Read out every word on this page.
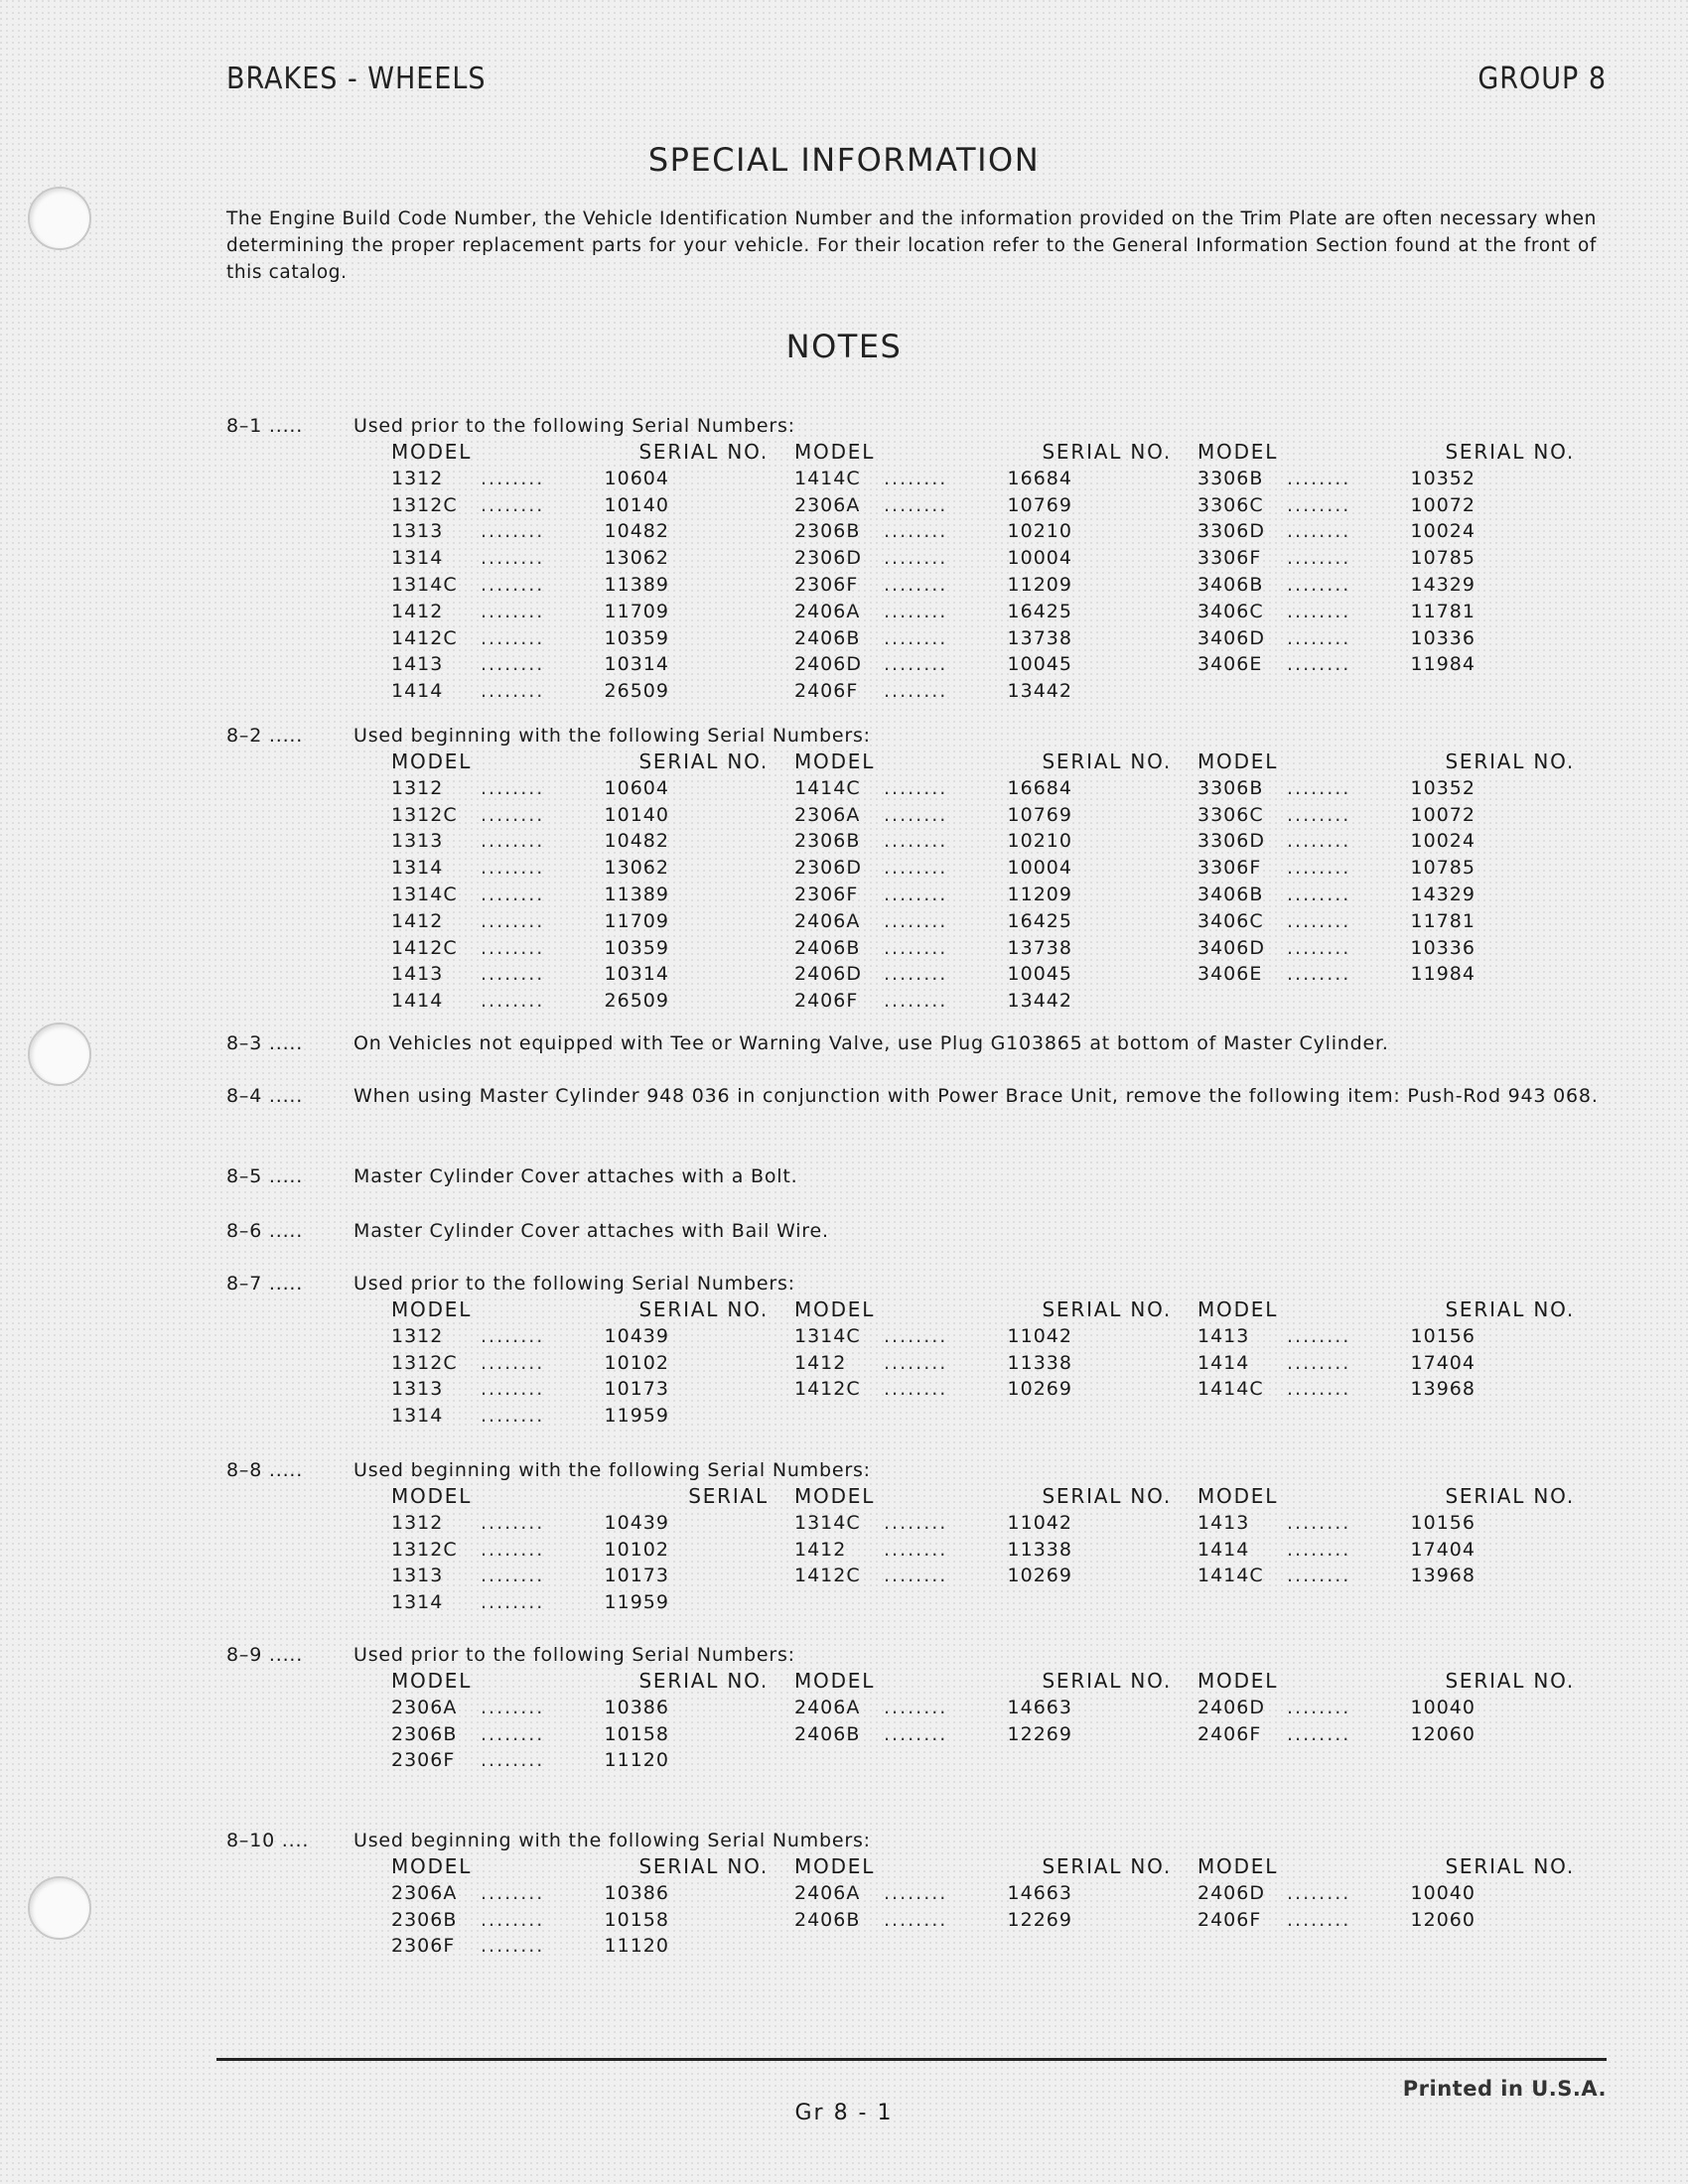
BRAKES - WHEELS	GROUP 8
SPECIAL INFORMATION
The Engine Build Code Number, the Vehicle Identification Number and the information provided on the Trim Plate are often necessary when determining the proper replacement parts for your vehicle. For their location refer to the General Information Section found at the front of this catalog.
NOTES
8–1 .....	Used prior to the following Serial Numbers:
MODEL	SERIAL NO.
1312	........	10604
1312C	........	10140
1313	........	10482
1314	........	13062
1314C	........	11389
1412	........	11709
1412C	........	10359
1413	........	10314
1414	........	26509
MODEL	SERIAL NO.
1414C	........	16684
2306A	........	10769
2306B	........	10210
2306D	........	10004
2306F	........	11209
2406A	........	16425
2406B	........	13738
2406D	........	10045
2406F	........	13442
MODEL	SERIAL NO.
3306B	........	10352
3306C	........	10072
3306D	........	10024
3306F	........	10785
3406B	........	14329
3406C	........	11781
3406D	........	10336
3406E	........	11984
8–2 .....	Used beginning with the following Serial Numbers:
MODEL	SERIAL NO.
1312	........	10604
1312C	........	10140
1313	........	10482
1314	........	13062
1314C	........	11389
1412	........	11709
1412C	........	10359
1413	........	10314
1414	........	26509
MODEL	SERIAL NO.
1414C	........	16684
2306A	........	10769
2306B	........	10210
2306D	........	10004
2306F	........	11209
2406A	........	16425
2406B	........	13738
2406D	........	10045
2406F	........	13442
MODEL	SERIAL NO.
3306B	........	10352
3306C	........	10072
3306D	........	10024
3306F	........	10785
3406B	........	14329
3406C	........	11781
3406D	........	10336
3406E	........	11984
8–3 .....	On Vehicles not equipped with Tee or Warning Valve, use Plug G103865 at bottom of Master Cylinder.
8–4 .....	When using Master Cylinder 948 036 in conjunction with Power Brace Unit, remove the following item: Push-Rod 943 068.
8–5 .....	Master Cylinder Cover attaches with a Bolt.
8–6 .....	Master Cylinder Cover attaches with Bail Wire.
8–7 .....	Used prior to the following Serial Numbers:
MODEL	SERIAL NO.
1312	........	10439
1312C	........	10102
1313	........	10173
1314	........	11959
MODEL	SERIAL NO.
1314C	........	11042
1412	........	11338
1412C	........	10269
MODEL	SERIAL NO.
1413	........	10156
1414	........	17404
1414C	........	13968
8–8 .....	Used beginning with the following Serial Numbers:
MODEL	SERIAL
1312	........	10439
1312C	........	10102
1313	........	10173
1314	........	11959
MODEL	SERIAL NO.
1314C	........	11042
1412	........	11338
1412C	........	10269
MODEL	SERIAL NO.
1413	........	10156
1414	........	17404
1414C	........	13968
8–9 .....	Used prior to the following Serial Numbers:
MODEL	SERIAL NO.
2306A	........	10386
2306B	........	10158
2306F	........	11120
MODEL	SERIAL NO.
2406A	........	14663
2406B	........	12269
MODEL	SERIAL NO.
2406D	........	10040
2406F	........	12060
8–10 ....	Used beginning with the following Serial Numbers:
MODEL	SERIAL NO.
2306A	........	10386
2306B	........	10158
2306F	........	11120
MODEL	SERIAL NO.
2406A	........	14663
2406B	........	12269
MODEL	SERIAL NO.
2406D	........	10040
2406F	........	12060
Printed in U.S.A.
Gr 8 - 1
